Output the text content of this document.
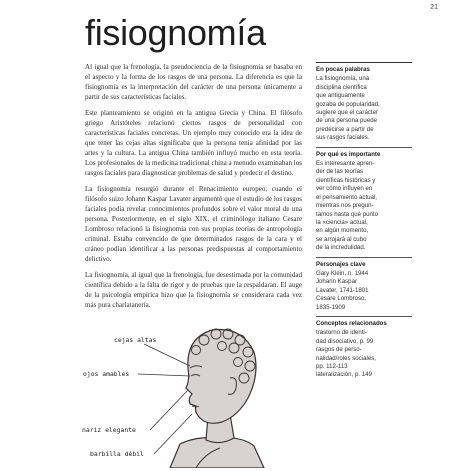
21
fisiognomía

Al igual que la frenología, la pseudociencia de la fisiognomía se basaba en el aspecto y la forma de los rasgos de una persona. La diferencia es que la fisiognomía es la interpretación del carácter de una persona únicamente a partir de sus características faciales.

Este planteamiento se originó en la antigua Grecia y China. El filósofo griego Aristóteles relacionó ciertos rasgos de personalidad con características faciales concretas. Un ejemplo muy conocido era la idea de que tener las cejas altas significaba que la persona tenía afinidad por las artes y la cultura. La antigua China también influyó mucho en esta teoría. Los profesionales de la medicina tradicional china a menudo examinaban los rasgos faciales para diagnosticar problemas de salud y predecir el destino.

La fisiognomía resurgió durante el Renacimiento europeo, cuando el filósofo suizo Johann Kaspar Lavater argumentó que el estudio de los rasgos faciales podía revelar conocimientos profundos sobre el valor moral de una persona. Posteriormente, en el siglo XIX, el criminólogo italiano Cesare Lombroso relacionó la fisiognomía con sus propias teorías de antropología criminal. Estaba convencido de que determinados rasgos de la cara y el cráneo podían identificar a las personas predispuestas al comportamiento delictivo.

La fisiognomía, al igual que la frenología, fue desestimada por la comunidad científica debido a la falta de rigor y de pruebas que la respaldaran. El auge de la psicología empírica hizo que la fisiognomía se considerara cada vez más pura charlatanería.

En pocas palabras
La fisiognomía, una
disciplina científica
que antiguamente
gozaba de popularidad,
sugiere que el carácter
de una persona puede
predecirse a partir de
sus rasgos faciales.
Por qué es importante
Es interesante apren-
der de las teorías
científicas históricas y
ver cómo influyen en
el pensamiento actual,
mientras nos pregun-
tamos hasta qué punto
la «ciencia» actual,
en algún momento,
se arrojará al cubo
de la incredulidad.
Personajes clave
Gary Klein, n. 1944
Johann Kaspar
Lavater, 1741-1801
Cesare Lombroso,
1835-1909
Conceptos relacionados
trastorno de identi-
dad disociativo, p. 99
rasgos de perso-
nalidad/roles sociales,
pp. 112-113
lateralización, p. 149
cejas altas
ojos amables
nariz elegante
barbilla débil
